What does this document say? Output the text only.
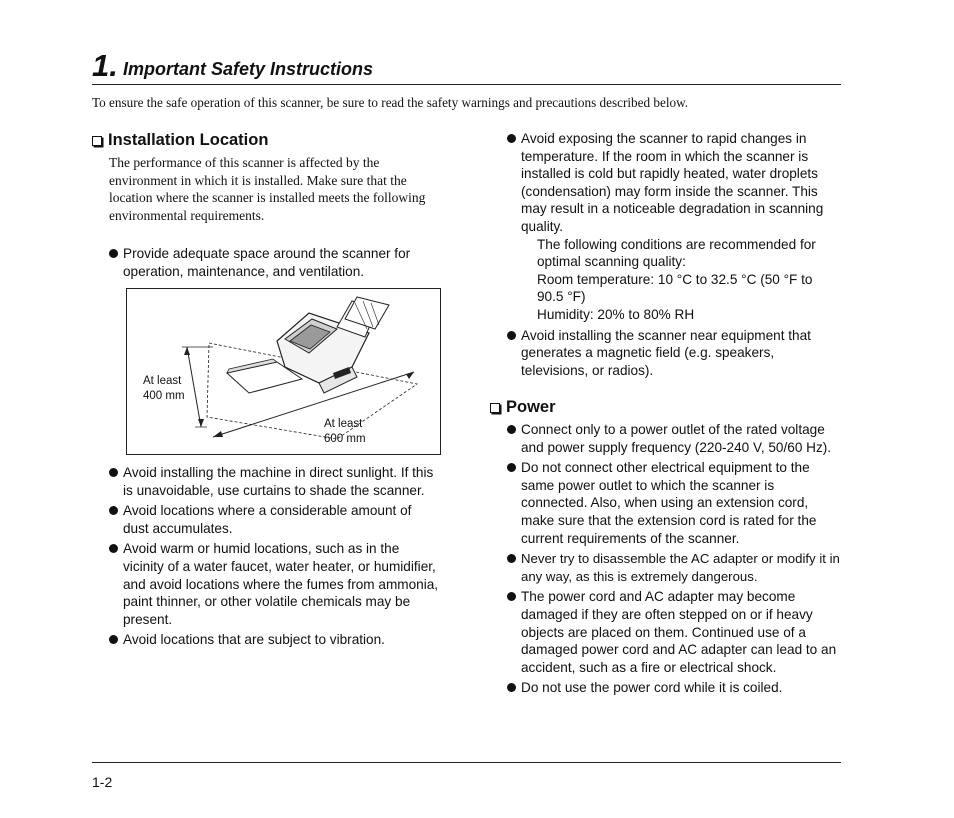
1. Important Safety Instructions
To ensure the safe operation of this scanner, be sure to read the safety warnings and precautions described below.
Installation Location
The performance of this scanner is affected by the environment in which it is installed. Make sure that the location where the scanner is installed meets the following environmental requirements.
Provide adequate space around the scanner for operation, maintenance, and ventilation.
At least
400 mm
At least
600 mm
Avoid installing the machine in direct sunlight. If this is unavoidable, use curtains to shade the scanner.
Avoid locations where a considerable amount of dust accumulates.
Avoid warm or humid locations, such as in the vicinity of a water faucet, water heater, or humidifier, and avoid locations where the fumes from ammonia, paint thinner, or other volatile chemicals may be present.
Avoid locations that are subject to vibration.
Avoid exposing the scanner to rapid changes in temperature. If the room in which the scanner is installed is cold but rapidly heated, water droplets (condensation) may form inside the scanner. This may result in a noticeable degradation in scanning quality.
The following conditions are recommended for optimal scanning quality:
Room temperature: 10 °C to 32.5 °C (50 °F to 90.5 °F)
Humidity: 20% to 80% RH
Avoid installing the scanner near equipment that generates a magnetic field (e.g. speakers, televisions, or radios).
Power
Connect only to a power outlet of the rated voltage and power supply frequency (220-240 V, 50/60 Hz).
Do not connect other electrical equipment to the same power outlet to which the scanner is connected. Also, when using an extension cord, make sure that the extension cord is rated for the current requirements of the scanner.
Never try to disassemble the AC adapter or modify it in any way, as this is extremely dangerous.
The power cord and AC adapter may become damaged if they are often stepped on or if heavy objects are placed on them. Continued use of a damaged power cord and AC adapter can lead to an accident, such as a fire or electrical shock.
Do not use the power cord while it is coiled.
1-2
